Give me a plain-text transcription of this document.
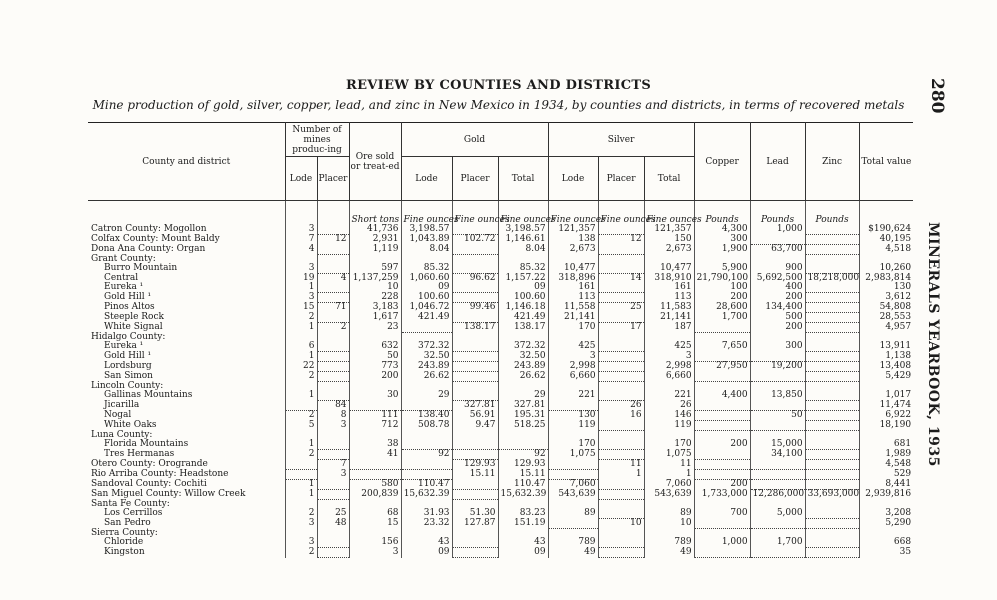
280
MINERALS YEARBOOK, 1935
REVIEW BY COUNTIES AND DISTRICTS
Mine production of gold, silver, copper, lead, and zinc in New Mexico in 1934, by counties and districts, in terms of recovered metals
County and district	Number of mines produc-ing		Ore sold or treat-ed	Gold			Silver			Copper	Lead	Zinc	Total value
	Lode	Placer		Lode	Placer	Total	Lode	Placer	Total				
			Short tons	Fine ounces	Fine ounces	Fine ounces	Fine ounces	Fine ounces	Fine ounces	Pounds	Pounds	Pounds	
Catron County: Mogollon	3		41,736	3,198.57		3,198.57	121,357		121,357	4,300	1,000		$190,624
Colfax County: Mount Baldy	7	12	2,931	1,043.89	102.72	1,146.61	138	12	150	300			40,195
Dona Ana County: Organ	4		1,119	8.04		8.04	2,673		2,673	1,900	63,700		4,518
Grant County:													
Burro Mountain	3		597	85.32		85.32	10,477		10,477	5,900	900		10,260
Central	19	4	1,137,259	1,060.60	96.62	1,157.22	318,896	14	318,910	21,790,100	5,692,500	18,218,000	2,983,814
Eureka ¹	1		10	09		09	161		161	100	400		130
Gold Hill ¹	3		228	100.60		100.60	113		113	200	200		3,612
Pinos Altos	15	71	3,183	1,046.72	99.46	1,146.18	11,558	25	11,583	28,600	134,400		54,808
Steeple Rock	2		1,617	421.49		421.49	21,141		21,141	1,700	500		28,553
White Signal	1	2	23		138.17	138.17	170	17	187		200		4,957
Hidalgo County:													
Eureka ¹	6		632	372.32		372.32	425		425	7,650	300		13,911
Gold Hill ¹	1		50	32.50		32.50	3		3				1,138
Lordsburg	22		773	243.89		243.89	2,998		2,998	27,950	19,200		13,408
San Simon	2		200	26.62		26.62	6,660		6,660				5,429
Lincoln County:													
Gallinas Mountains	1		30	29		29	221		221	4,400	13,850		1,017
Jicarilla		84			327.81	327.81		26	26				11,474
Nogal	2	8	111	138.40	56.91	195.31	130	16	146		50		6,922
White Oaks	5	3	712	508.78	9.47	518.25	119		119				18,190
Luna County:													
Florida Mountains	1		38				170		170	200	15,000		681
Tres Hermanas	2		41	92		92	1,075		1,075		34,100		1,989
Otero County: Orogrande		7			129.93	129.93		11	11				4,548
Rio Arriba County: Headstone		3			15.11	15.11		1	1				529
Sandoval County: Cochiti	1		580	110.47		110.47	7,060		7,060	200			8,441
San Miguel County: Willow Creek	1		200,839	15,632.39		15,632.39	543,639		543,639	1,733,000	12,286,000	33,693,000	2,939,816
Santa Fe County:													
Los Cerrillos	2	25	68	31.93	51.30	83.23	89		89	700	5,000		3,208
San Pedro	3	48	15	23.32	127.87	151.19		10	10				5,290
Sierra County:													
Chloride	3		156	43		43	789		789	1,000	1,700		668
Kingston	2		3	09		09	49		49				35
